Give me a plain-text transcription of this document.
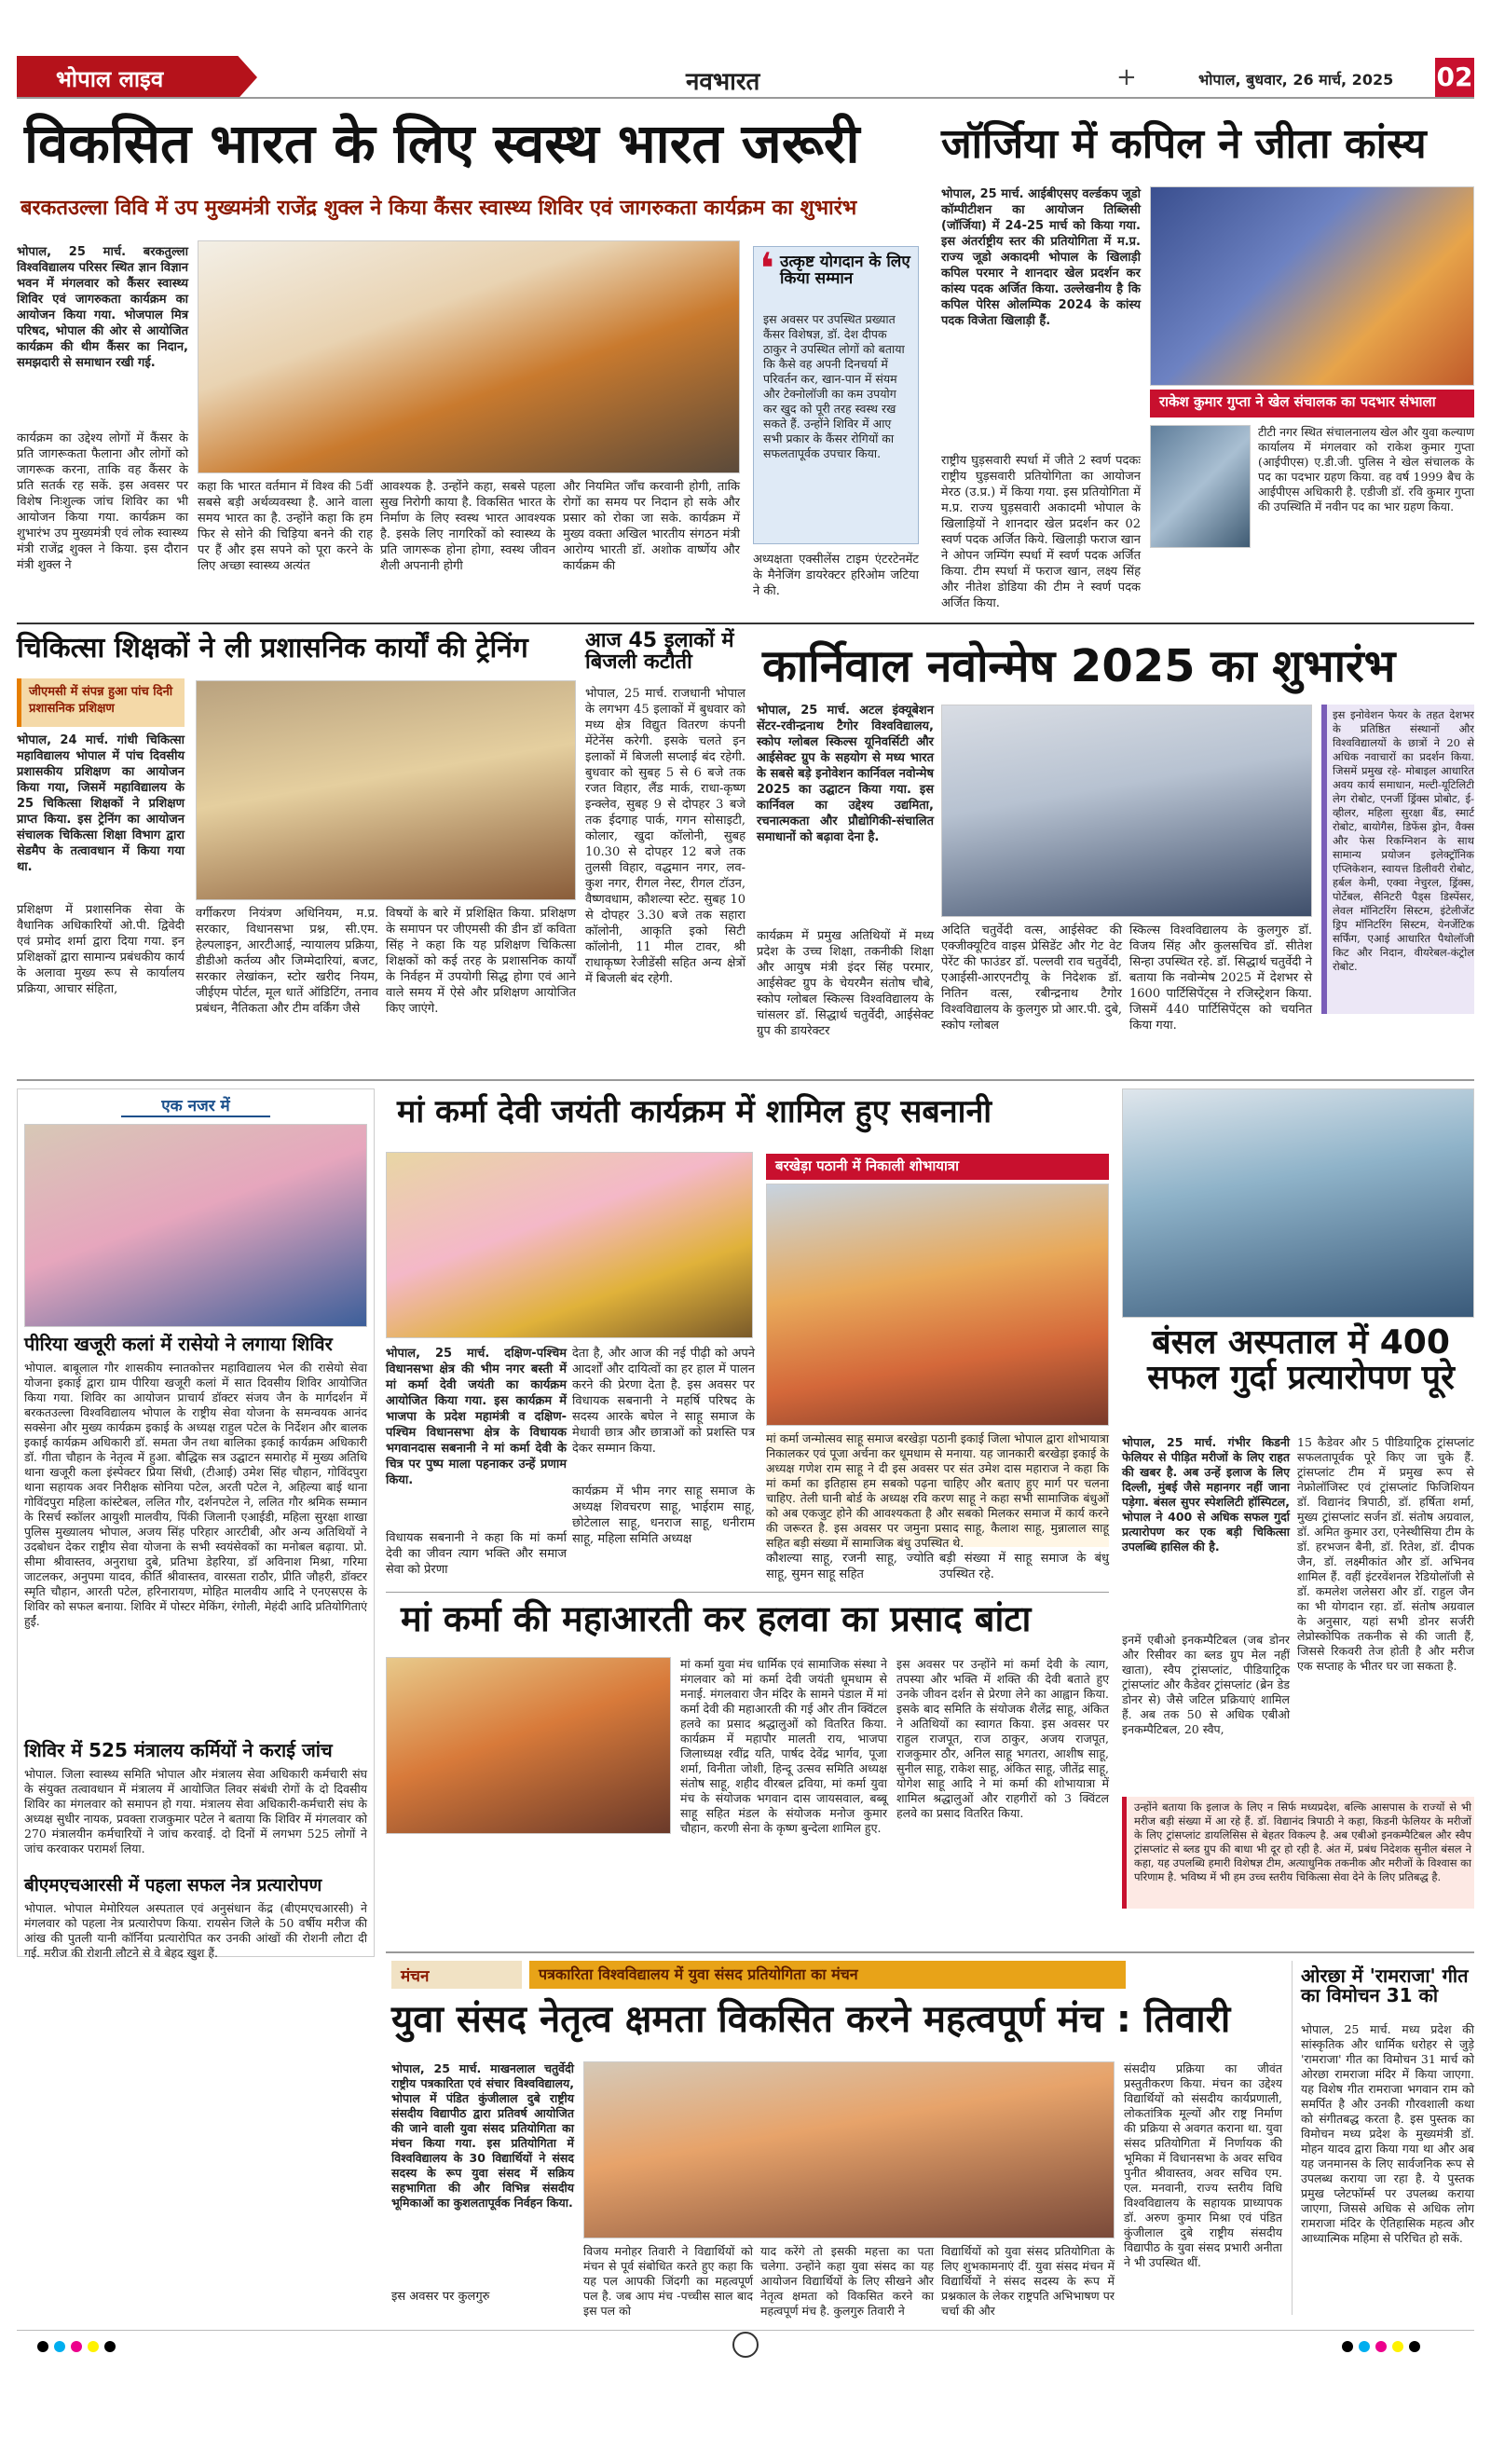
भोपाल लाइव	नवभारत	+	भोपाल, बुधवार, 26 मार्च, 2025 02
विकसित भारत के लिए स्वस्थ भारत जरूरी
बरकतउल्ला विवि में उप मुख्यमंत्री राजेंद्र शुक्ल ने किया कैंसर स्वास्थ्य शिविर एवं जागरुकता कार्यक्रम का शुभारंभ
भोपाल, 25 मार्च. बरकतुल्ला विश्वविद्यालय परिसर स्थित ज्ञान विज्ञान भवन में मंगलवार को कैंसर स्वास्थ्य शिविर एवं जागरुकता कार्यक्रम का आयोजन किया गया. भोजपाल मित्र परिषद, भोपाल की ओर से आयोजित कार्यक्रम की थीम कैंसर का निदान, समझदारी से समाधान रखी गई.
कार्यक्रम का उद्देश्य लोगों में कैंसर के प्रति जागरूकता फैलाना और लोगों को जागरूक करना, ताकि वह कैंसर के प्रति सतर्क रह सकें. इस अवसर पर विशेष निःशुल्क जांच शिविर का भी आयोजन किया गया. कार्यक्रम का शुभारंभ उप मुख्यमंत्री एवं लोक स्वास्थ्य मंत्री राजेंद्र शुक्ल ने किया. इस दौरान मंत्री शुक्ल ने
कहा कि भारत वर्तमान में विश्व की 5वीं सबसे बड़ी अर्थव्यवस्था है. आने वाला समय भारत का है. उन्होंने कहा कि हम फिर से सोने की चिड़िया बनने की राह पर हैं और इस सपने को पूरा करने के लिए अच्छा स्वास्थ्य अत्यंत
आवश्यक है. उन्होंने कहा, सबसे पहला सुख निरोगी काया है. विकसित भारत के निर्माण के लिए स्वस्थ भारत आवश्यक है. इसके लिए नागरिकों को स्वास्थ्य के प्रति जागरूक होना होगा, स्वस्थ जीवन शैली अपनानी होगी
और नियमित जाँच करवानी होगी, ताकि रोगों का समय पर निदान हो सके और प्रसार को रोका जा सके. कार्यक्रम में मुख्य वक्ता अखिल भारतीय संगठन मंत्री आरोग्य भारती डॉ. अशोक वार्ष्णेय और कार्यक्रम की
❛ उत्कृष्ट योगदान के लिए किया सम्मान
इस अवसर पर उपस्थित प्रख्यात कैंसर विशेषज्ञ, डॉ. देश दीपक ठाकुर ने उपस्थित लोगों को बताया कि कैसे वह अपनी दिनचर्या में परिवर्तन कर, खान-पान में संयम और टेक्नोलॉजी का कम उपयोग कर खुद को पूरी तरह स्वस्थ रख सकते हैं. उन्होंने शिविर में आए सभी प्रकार के कैंसर रोगियों का सफलतापूर्वक उपचार किया.
अध्यक्षता एक्सीलेंस टाइम एंटरटेनमेंट के मैनेजिंग डायरेक्टर हरिओम जटिया ने की.
जॉर्जिया में कपिल ने जीता कांस्य
भोपाल, 25 मार्च. आईबीएसए वर्ल्डकप जूडो कॉम्पीटीशन का आयोजन तिब्लिसी (जॉर्जिया) में 24-25 मार्च को किया गया. इस अंतर्राष्ट्रीय स्तर की प्रतियोगिता में म.प्र. राज्य जूडो अकादमी भोपाल के खिलाड़ी कपिल परमार ने शानदार खेल प्रदर्शन कर कांस्य पदक अर्जित किया. उल्लेखनीय है कि कपिल पेरिस ओलम्पिक 2024 के कांस्य पदक विजेता खिलाड़ी हैं.
राष्ट्रीय घुड़सवारी स्पर्धा में जीते 2 स्वर्ण पदकः राष्ट्रीय घुड़सवारी प्रतियोगिता का आयोजन मेरठ (उ.प्र.) में किया गया. इस प्रतियोगिता में म.प्र. राज्य घुड़सवारी अकादमी भोपाल के खिलाड़ियों ने शानदार खेल प्रदर्शन कर 02 स्वर्ण पदक अर्जित किये. खिलाड़ी फराज खान ने ओपन जम्पिंग स्पर्धा में स्वर्ण पदक अर्जित किया. टीम स्पर्धा में फराज खान, लक्ष्य सिंह और नीतेश डोडिया की टीम ने स्वर्ण पदक अर्जित किया.
राकेश कुमार गुप्ता ने खेल संचालक का पदभार संभाला
टीटी नगर स्थित संचालनालय खेल और युवा कल्याण कार्यालय में मंगलवार को राकेश कुमार गुप्ता (आईपीएस) ए.डी.जी. पुलिस ने खेल संचालक के पद का पदभार ग्रहण किया. वह वर्ष 1999 बैच के आईपीएस अधिकारी है. एडीजी डॉ. रवि कुमार गुप्ता की उपस्थिति में नवीन पद का भार ग्रहण किया.
चिकित्सा शिक्षकों ने ली प्रशासनिक कार्यों की ट्रेनिंग
जीएमसी में संपन्न हुआ पांच दिनी प्रशासनिक प्रशिक्षण
भोपाल, 24 मार्च. गांधी चिकित्सा महाविद्यालय भोपाल में पांच दिवसीय प्रशासकीय प्रशिक्षण का आयोजन किया गया, जिसमें महाविद्यालय के 25 चिकित्सा शिक्षकों ने प्रशिक्षण प्राप्त किया. इस ट्रेनिंग का आयोजन संचालक चिकित्सा शिक्षा विभाग द्वारा सेडमैप के तत्वावधान में किया गया था.
प्रशिक्षण में प्रशासनिक सेवा के वैधानिक अधिकारियों ओ.पी. द्विवेदी एवं प्रमोद शर्मा द्वारा दिया गया. इन प्रशिक्षकों द्वारा सामान्य प्रबंधकीय कार्य के अलावा मुख्य रूप से कार्यालय प्रक्रिया, आचार संहिता,
वर्गीकरण नियंत्रण अधिनियम, म.प्र. सरकार, विधानसभा प्रश्न, सी.एम. हेल्पलाइन, आरटीआई, न्यायालय प्रक्रिया, डीडीओ कर्तव्य और जिम्मेदारियां, बजट, सरकार लेखांकन, स्टोर खरीद नियम, जीईएम पोर्टल, मूल धातें ऑडिटिंग, तनाव प्रबंधन, नैतिकता और टीम वर्किंग जैसे
विषयों के बारे में प्रशिक्षित किया. प्रशिक्षण के समापन पर जीएमसी की डीन डॉ कविता सिंह ने कहा कि यह प्रशिक्षण चिकित्सा शिक्षकों को कई तरह के प्रशासनिक कार्यों के निर्वहन में उपयोगी सिद्ध होगा एवं आने वाले समय में ऐसे और प्रशिक्षण आयोजित किए जाएंगे.
आज 45 इलाकों में बिजली कटौती
भोपाल, 25 मार्च. राजधानी भोपाल के लगभग 45 इलाकों में बुधवार को मध्य क्षेत्र विद्युत वितरण कंपनी मेंटेनेंस करेगी. इसके चलते इन इलाकों में बिजली सप्लाई बंद रहेगी. बुधवार को सुबह 5 से 6 बजे तक रजत विहार, लैंड मार्क, राधा-कृष्ण इन्क्लेव, सुबह 9 से दोपहर 3 बजे तक ईदगाह पार्क, गगन सोसाइटी, कोलार, खुदा कॉलोनी, सुबह 10.30 से दोपहर 12 बजे तक तुलसी विहार, वद्धमान नगर, लव-कुश नगर, रीगल नेस्ट, रीगल टॉउन, वैष्णवधाम, कौशल्या स्टेट. सुबह 10 से दोपहर 3.30 बजे तक सहारा कॉलोनी, आकृति इको सिटी कॉलोनी, 11 मील टावर, श्री राधाकृष्ण रेजीडेंसी सहित अन्य क्षेत्रों में बिजली बंद रहेगी.
कार्निवाल नवोन्मेष 2025 का शुभारंभ
भोपाल, 25 मार्च. अटल इंक्यूबेशन सेंटर-रवीन्द्रनाथ टैगोर विश्वविद्यालय, स्कोप ग्लोबल स्किल्स यूनिवर्सिटी और आईसेक्ट ग्रुप के सहयोग से मध्य भारत के सबसे बड़े इनोवेशन कार्निवल नवोन्मेष 2025 का उद्घाटन किया गया. इस कार्निवल का उद्देश्य उद्यमिता, रचनात्मकता और प्रौद्योगिकी-संचालित समाधानों को बढ़ावा देना है.
कार्यक्रम में प्रमुख अतिथियों में मध्य प्रदेश के उच्च शिक्षा, तकनीकी शिक्षा और आयुष मंत्री इंदर सिंह परमार, आईसेक्ट ग्रुप के चेयरमैन संतोष चौबे, स्कोप ग्लोबल स्किल्स विश्वविद्यालय के चांसलर डॉ. सिद्धार्थ चतुर्वेदी, आईसेक्ट ग्रुप की डायरेक्टर
अदिति चतुर्वेदी वत्स, आईसेक्ट की एक्जीक्यूटिव वाइस प्रेसिडेंट और गेट वेट पेरेंट की फाउंडर डॉ. पल्लवी राव चतुर्वेदी, एआईसी-आरएनटीयू के निदेशक डॉ. नितिन वत्स, रबीन्द्रनाथ टैगोर विश्वविद्यालय के कुलगुरु प्रो आर.पी. दुबे, स्कोप ग्लोबल
स्किल्स विश्वविद्यालय के कुलगुरु डॉ. विजय सिंह और कुलसचिव डॉ. सीतेश सिन्हा उपस्थित रहे. डॉ. सिद्धार्थ चतुर्वेदी ने बताया कि नवोन्मेष 2025 में देशभर से 1600 पार्टिसिपेंट्स ने रजिस्ट्रेशन किया. जिसमें 440 पार्टिसिपेंट्स को चयनित किया गया.
इस इनोवेशन फेयर के तहत देशभर के प्रतिष्ठित संस्थानों और विश्वविद्यालयों के छात्रों ने 20 से अधिक नवाचारों का प्रदर्शन किया. जिसमें प्रमुख रहे- मोबाइल आधारित अवय कार्य समाधान, मल्टी-यूटिलिटी लेग रोबोट, एनर्जी ड्रिंक्स प्रोबोट, ई-व्हीलर, महिला सुरक्षा बैंड, स्मार्ट रोबोट, बायोगैस, डिफेंस ड्रोन, वैक्स और फेस रिकग्निशन के साथ सामान्य प्रयोजन इलेक्ट्रॉनिक एप्लिकेशन, स्वायत्त डिलीवरी रोबोट, हर्बल केमी, एक्वा नेचुरल, ड्रिंक्स, पोर्टेबल, सैनिटरी पैड्स डिस्पेंसर, लेवल मॉनिटरिंग सिस्टम, इंटेलीजेंट ड्रिप मॉनिटरिंग सिस्टम, येनर्जेटिक सर्फिंग, एआई आधारित पैथोलॉजी किट और निदान, वीयरेबल-कंट्रोल रोबोट.
एक नजर में
पीरिया खजूरी कलां में रासेयो ने लगाया शिविर
भोपाल. बाबूलाल गौर शासकीय स्नातकोत्तर महाविद्यालय भेल की रासेयो सेवा योजना इकाई द्वारा ग्राम पीरिया खजूरी कलां में सात दिवसीय शिविर आयोजित किया गया. शिविर का आयोजन प्राचार्य डॉक्टर संजय जैन के मार्गदर्शन में बरकतउल्ला विश्वविद्यालय भोपाल के राष्ट्रीय सेवा योजना के समन्वयक आनंद सक्सेना और मुख्य कार्यक्रम इकाई के अध्यक्ष राहुल पटेल के निर्देशन और बालक इकाई कार्यक्रम अधिकारी डॉ. समता जैन तथा बालिका इकाई कार्यक्रम अधिकारी डॉ. गीता चौहान के नेतृत्व में हुआ. बौद्धिक सत्र उद्घाटन समारोह में मुख्य अतिथि थाना खजूरी कला इंस्पेक्टर प्रिया सिंधी, (टीआई) उमेश सिंह चौहान, गोविंदपुरा थाना सहायक अवर निरीक्षक सोनिया पटेल, अरती पटेल ने, अहिल्या बाई थाना गोविंदपुरा महिला कांस्टेबल, ललित गौर, दर्शनपटेल ने, ललित गौर श्रमिक सम्मान के रिसर्च स्कॉलर आयुशी मालवीय, पिंकी जिलानी एआईडी, महिला सुरक्षा शाखा पुलिस मुख्यालय भोपाल, अजय सिंह परिहार आरटीबी, और अन्य अतिथियों ने उदबोधन देकर राष्ट्रीय सेवा योजना के सभी स्वयंसेवकों का मनोबल बढ़ाया. प्रो. सीमा श्रीवास्तव, अनुराधा दुबे, प्रतिभा डेहरिया, डॉ अविनाश मिश्रा, गरिमा जाटलकर, अनुपमा यादव, कीर्ति श्रीवास्तव, वारसता राठौर, प्रीति जौहरी, डॉक्टर स्मृति चौहान, आरती पटेल, हरिनारायण, मोहित मालवीय आदि ने एनएसएस के शिविर को सफल बनाया. शिविर में पोस्टर मेकिंग, रंगोली, मेहंदी आदि प्रतियोगिताएं हुईं.
शिविर में 525 मंत्रालय कर्मियों ने कराई जांच
भोपाल. जिला स्वास्थ्य समिति भोपाल और मंत्रालय सेवा अधिकारी कर्मचारी संघ के संयुक्त तत्वावधान में मंत्रालय में आयोजित लिवर संबंधी रोगों के दो दिवसीय शिविर का मंगलवार को समापन हो गया. मंत्रालय सेवा अधिकारी-कर्मचारी संघ के अध्यक्ष सुधीर नायक, प्रवक्ता राजकुमार पटेल ने बताया कि शिविर में मंगलवार को 270 मंत्रालयीन कर्मचारियों ने जांच करवाई. दो दिनों में लगभग 525 लोगों ने जांच करवाकर परामर्श लिया.
बीएमएचआरसी में पहला सफल नेत्र प्रत्यारोपण
भोपाल. भोपाल मेमोरियल अस्पताल एवं अनुसंधान केंद्र (बीएमएचआरसी) ने मंगलवार को पहला नेत्र प्रत्यारोपण किया. रायसेन जिले के 50 वर्षीय मरीज की आंख की पुतली यानी कॉर्निया प्रत्यारोपित कर उनकी आंखों की रोशनी लौटा दी गई. मरीज की रोशनी लौटने से वे बेहद खुश हैं.
मां कर्मा देवी जयंती कार्यक्रम में शामिल हुए सबनानी
भोपाल, 25 मार्च. दक्षिण-पश्चिम विधानसभा क्षेत्र की भीम नगर बस्ती में मां कर्मा देवी जयंती का कार्यक्रम आयोजित किया गया. इस कार्यक्रम में भाजपा के प्रदेश महामंत्री व दक्षिण-पश्चिम विधानसभा क्षेत्र के विधायक भगवानदास सबनानी ने मां कर्मा देवी के चित्र पर पुष्प माला पहनाकर उन्हें प्रणाम किया.
विधायक सबनानी ने कहा कि मां कर्मा देवी का जीवन त्याग भक्ति और समाज सेवा को प्रेरणा
देता है, और आज की नई पीढ़ी को अपने आदर्शों और दायित्वों का हर हाल में पालन करने की प्रेरणा देता है. इस अवसर पर विधायक सबनानी ने महर्षि परिषद के सदस्य आरके बघेल ने साहू समाज के मेधावी छात्र और छात्राओं को प्रशस्ति पत्र देकर सम्मान किया.
कार्यक्रम में भीम नगर साहू समाज के अध्यक्ष शिवचरण साहू, भाईराम साहू, छोटेलाल साहू, धनराज साहू, धनीराम साहू, महिला समिति अध्यक्ष
बरखेड़ा पठानी में निकाली शोभायात्रा
मां कर्मा जन्मोत्सव साहू समाज बरखेड़ा पठानी इकाई जिला भोपाल द्वारा शोभायात्रा निकालकर एवं पूजा अर्चना कर धूमधाम से मनाया. यह जानकारी बरखेड़ा इकाई के अध्यक्ष गणेश राम साहू ने दी इस अवसर पर संत उमेश दास महाराज ने कहा कि मां कर्मा का इतिहास हम सबको पढ़ना चाहिए और बताए हुए मार्ग पर चलना चाहिए. तेली घानी बोर्ड के अध्यक्ष रवि करण साहू ने कहा सभी सामाजिक बंधुओं को अब एकजुट होने की आवश्यकता है और सबको मिलकर समाज में कार्य करने की जरूरत है. इस अवसर पर जमुना प्रसाद साहू, कैलाश साहू, मुन्नालाल साहू सहित बड़ी संख्या में सामाजिक बंधु उपस्थित थे.
कौशल्या साहू, रजनी साहू, ज्योति साहू, सुमन साहू सहित
बड़ी संख्या में साहू समाज के बंधु उपस्थित रहे.
मां कर्मा की महाआरती कर हलवा का प्रसाद बांटा
मां कर्मा युवा मंच धार्मिक एवं सामाजिक संस्था ने मंगलवार को मां कर्मा देवी जयंती धूमधाम से मनाई. मंगलवारा जैन मंदिर के सामने पंडाल में मां कर्मा देवी की महाआरती की गई और तीन क्विंटल हलवे का प्रसाद श्रद्धालुओं को वितरित किया. कार्यक्रम में महापौर मालती राय, भाजपा जिलाध्यक्ष रवींद्र यति, पार्षद देवेंद्र भार्गव, पूजा शर्मा, विनीता जोशी, हिन्दू उत्सव समिति अध्यक्ष संतोष साहू, शहीद वीरबल द्रविया, मां कर्मा युवा मंच के संयोजक भगवान दास जायसवाल, बब्बू साहू सहित मंडल के संयोजक मनोज कुमार चौहान, करणी सेना के कृष्ण बुन्देला शामिल हुए.
इस अवसर पर उन्होंने मां कर्मा देवी के त्याग, तपस्या और भक्ति में शक्ति की देवी बताते हुए उनके जीवन दर्शन से प्रेरणा लेने का आह्वान किया. इसके बाद समिति के संयोजक शैलेंद्र साहू, अंकित ने अतिथियों का स्वागत किया. इस अवसर पर राहुल राजपूत, राज ठाकुर, अजय राजपूत, राजकुमार ठौर, अनिल साहू भगतरा, आशीष साहू, सुनील साहू, राकेश साहू, अंकित साहू, जीतेंद्र साहू, योगेश साहू आदि ने मां कर्मा की शोभायात्रा में शामिल श्रद्धालुओं और राहगीरों को 3 क्विंटल हलवे का प्रसाद वितरित किया.
बंसल अस्पताल में 400 सफल गुर्दा प्रत्यारोपण पूरे
भोपाल, 25 मार्च. गंभीर किडनी फेलियर से पीड़ित मरीजों के लिए राहत की खबर है. अब उन्हें इलाज के लिए दिल्ली, मुंबई जैसे महानगर नहीं जाना पड़ेगा. बंसल सुपर स्पेशलिटी हॉस्पिटल, भोपाल ने 400 से अधिक सफल गुर्दा प्रत्यारोपण कर एक बड़ी चिकित्सा उपलब्धि हासिल की है.
इनमें एबीओ इनकम्पैटिबल (जब डोनर और रिसीवर का ब्लड ग्रुप मेल नहीं खाता), स्वैप ट्रांसप्लांट, पीडियाट्रिक ट्रांसप्लांट और कैडेवर ट्रांसप्लांट (ब्रेन डेड डोनर से) जैसे जटिल प्रक्रियाएं शामिल हैं. अब तक 50 से अधिक एबीओ इनकम्पैटिबल, 20 स्वैप,
15 कैडेवर और 5 पीडियाट्रिक ट्रांसप्लांट सफलतापूर्वक पूरे किए जा चुके हैं. ट्रांसप्लांट टीम में प्रमुख रूप से नेफ्रोलॉजिस्ट एवं ट्रांसप्लांट फिजिशियन डॉ. विद्यानंद त्रिपाठी, डॉ. हर्षिता शर्मा, मुख्य ट्रांसप्लांट सर्जन डॉ. संतोष अग्रवाल, डॉ. अमित कुमार उरा, एनेस्थीसिया टीम के डॉ. हरभजन बैनी, डॉ. रितेश, डॉ. दीपक जैन, डॉ. लक्ष्मीकांत और डॉ. अभिनव शामिल हैं. वहीं इंटरवेंशनल रेडियोलॉजी से डॉ. कमलेश जलेसरा और डॉ. राहुल जैन का भी योगदान रहा. डॉ. संतोष अग्रवाल के अनुसार, यहां सभी डोनर सर्जरी लेप्रोस्कोपिक तकनीक से की जाती हैं, जिससे रिकवरी तेज होती है और मरीज एक सप्ताह के भीतर घर जा सकता है.
उन्होंने बताया कि इलाज के लिए न सिर्फ मध्यप्रदेश, बल्कि आसपास के राज्यों से भी मरीज बड़ी संख्या में आ रहे हैं. डॉ. विद्यानंद त्रिपाठी ने कहा, किडनी फेलियर के मरीजों के लिए ट्रांसप्लांट डायलिसिस से बेहतर विकल्प है. अब एबीओ इनकम्पैटिबल और स्वैप ट्रांसप्लांट से ब्लड ग्रुप की बाधा भी दूर हो रही है. अंत में, प्रबंध निदेशक सुनील बंसल ने कहा, यह उपलब्धि हमारी विशेषज्ञ टीम, अत्याधुनिक तकनीक और मरीजों के विश्वास का परिणाम है. भविष्य में भी हम उच्च स्तरीय चिकित्सा सेवा देने के लिए प्रतिबद्ध है.
मंचन	पत्रकारिता विश्वविद्यालय में युवा संसद प्रतियोगिता का मंचन
युवा संसद नेतृत्व क्षमता विकसित करने महत्वपूर्ण मंच : तिवारी
भोपाल, 25 मार्च. माखनलाल चतुर्वेदी राष्ट्रीय पत्रकारिता एवं संचार विश्वविद्यालय, भोपाल में पंडित कुंजीलाल दुबे राष्ट्रीय संसदीय विद्यापीठ द्वारा प्रतिवर्ष आयोजित की जाने वाली युवा संसद प्रतियोगिता का मंचन किया गया. इस प्रतियोगिता में विश्वविद्यालय के 30 विद्यार्थियों ने संसद सदस्य के रूप युवा संसद में सक्रिय सहभागिता की और विभिन्न संसदीय भूमिकाओं का कुशलतापूर्वक निर्वहन किया.
इस अवसर पर कुलगुरु
विजय मनोहर तिवारी ने विद्यार्थियों को मंचन से पूर्व संबोधित करते हुए कहा कि यह पल आपकी जिंदगी का महत्वपूर्ण पल है. जब आप मंच -पच्चीस साल बाद इस पल को
याद करेंगे तो इसकी महत्ता का पता चलेगा. उन्होंने कहा युवा संसद का यह आयोजन विद्यार्थियों के लिए सीखने और नेतृत्व क्षमता को विकसित करने का महत्वपूर्ण मंच है. कुलगुरु तिवारी ने
विद्यार्थियों को युवा संसद प्रतियोगिता के लिए शुभकामनाएं दीं. युवा संसद मंचन में विद्यार्थियों ने संसद सदस्य के रूप में प्रश्नकाल के लेकर राष्ट्रपति अभिभाषण पर चर्चा की और
संसदीय प्रक्रिया का जीवंत प्रस्तुतीकरण किया. मंचन का उद्देश्य विद्यार्थियों को संसदीय कार्यप्रणाली, लोकतांत्रिक मूल्यों और राष्ट्र निर्माण की प्रक्रिया से अवगत कराना था. युवा संसद प्रतियोगिता में निर्णायक की भूमिका में विधानसभा के अवर सचिव पुनीत श्रीवास्तव, अवर सचिव एम. एल. मनवानी, राज्य स्तरीय विधि विश्वविद्यालय के सहायक प्राध्यापक डॉ. अरुण कुमार मिश्रा एवं पंडित कुंजीलाल दुबे राष्ट्रीय संसदीय विद्यापीठ के युवा संसद प्रभारी अनीता ने भी उपस्थित थीं.
ओरछा में 'रामराजा' गीत का विमोचन 31 को
भोपाल, 25 मार्च. मध्य प्रदेश की सांस्कृतिक और धार्मिक धरोहर से जुड़े 'रामराजा' गीत का विमोचन 31 मार्च को ओरछा रामराजा मंदिर में किया जाएगा. यह विशेष गीत रामराजा भगवान राम को समर्पित है और उनकी गौरवशाली कथा को संगीतबद्ध करता है. इस पुस्तक का विमोचन मध्य प्रदेश के मुख्यमंत्री डॉ. मोहन यादव द्वारा किया गया था और अब यह जनमानस के लिए सार्वजनिक रूप से उपलब्ध कराया जा रहा है. ये पुस्तक प्रमुख प्लेटफॉर्म्स पर उपलब्ध कराया जाएगा, जिससे अधिक से अधिक लोग रामराजा मंदिर के ऐतिहासिक महत्व और आध्यात्मिक महिमा से परिचित हो सकें.
